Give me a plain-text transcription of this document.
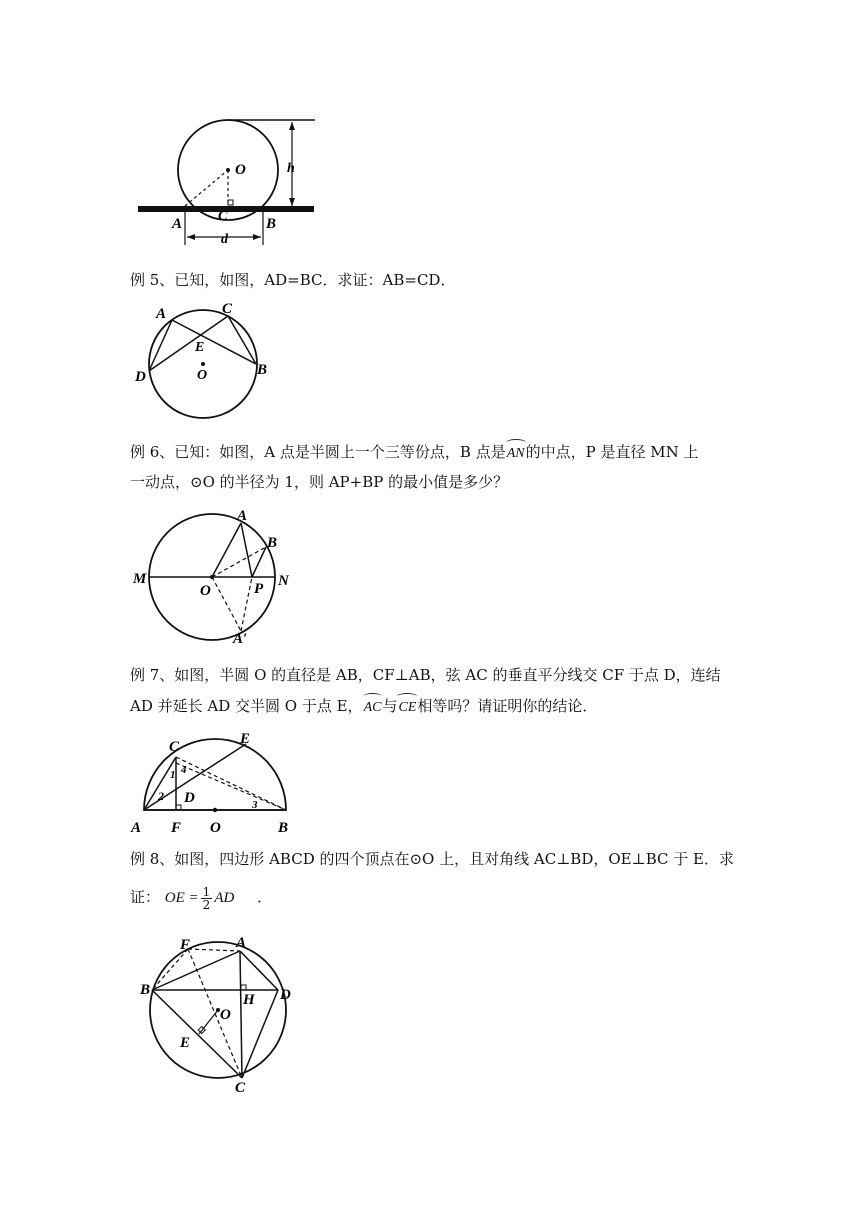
O
C
A	B
h
d
例 5、已知，如图，AD=BC．求证：AB=CD．
A	C
E
D	O	B
例 6、已知：如图，A 点是半圆上一个三等份点，B 点是AN的中点，P 是直径 MN 上
一动点，⊙O 的半径为 1，则 AP+BP 的最小值是多少？
A
B
M
O	P N
A′
例 7、如图，半圆 O 的直径是 AB，CF⊥AB，弦 AC 的垂直平分线交 CF 于点 D，连结
AD 并延长 AD 交半圆 O 于点 E，AC与CE相等吗？请证明你的结论．
C	E
1 4
2 D	3
A F O	B
例 8、如图，四边形 ABCD 的四个顶点在⊙O 上，且对角线 AC⊥BD，OE⊥BC 于 E．求
证： OE = $\frac{1}{2}$ AD ．
F	A
B
H D
O
E
C
